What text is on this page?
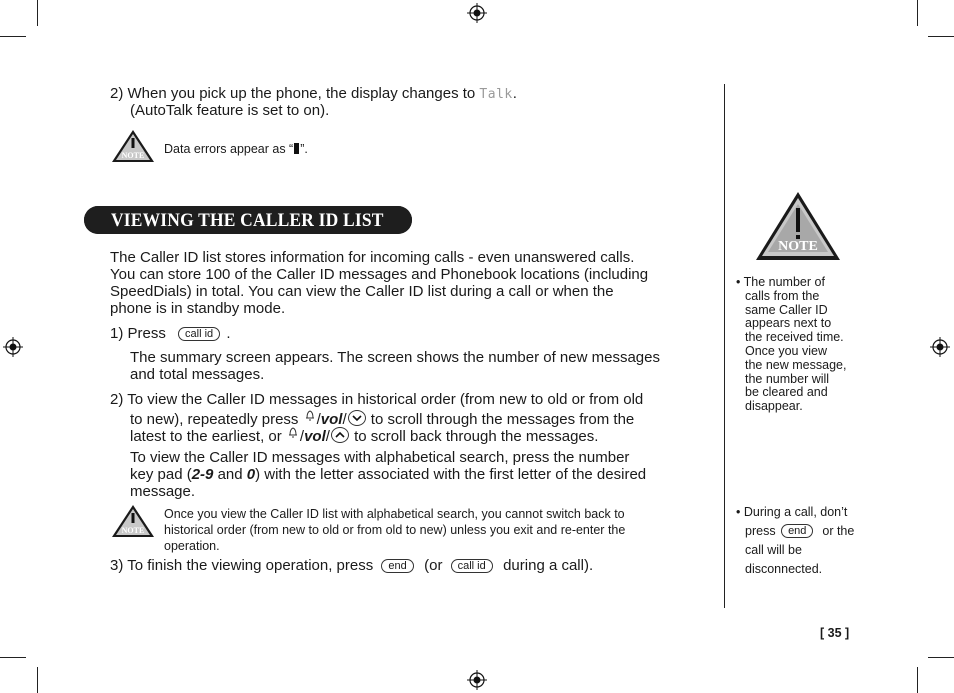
2) When you pick up the phone, the display changes to Talk.
(AutoTalk feature is set to on).
NOTE Data errors appear as “ ”.
VIEWING THE CALLER ID LIST
The Caller ID list stores information for incoming calls - even unanswered calls.
You can store 100 of the Caller ID messages and Phonebook locations (including
SpeedDials) in total. You can view the Caller ID list during a call or when the
phone is in standby mode.
1) Press call id .
The summary screen appears. The screen shows the number of new messages
and total messages.
2) To view the Caller ID messages in historical order (from new to old or from old
to new), repeatedly press /vol/ to scroll through the messages from the
latest to the earliest, or /vol/ to scroll back through the messages.
To view the Caller ID messages with alphabetical search, press the number
key pad (2-9 and 0) with the letter associated with the first letter of the desired
message.
NOTE
Once you view the Caller ID list with alphabetical search, you cannot switch back to
historical order (from new to old or from old to new) unless you exit and re-enter the
operation.
3) To finish the viewing operation, press end (or call id during a call).
NOTE
• The number of
calls from the
same Caller ID
appears next to
the received time.
Once you view
the new message,
the number will
be cleared and
disappear.
• During a call, don’t
press end or the
call will be
disconnected.
[ 35 ]
